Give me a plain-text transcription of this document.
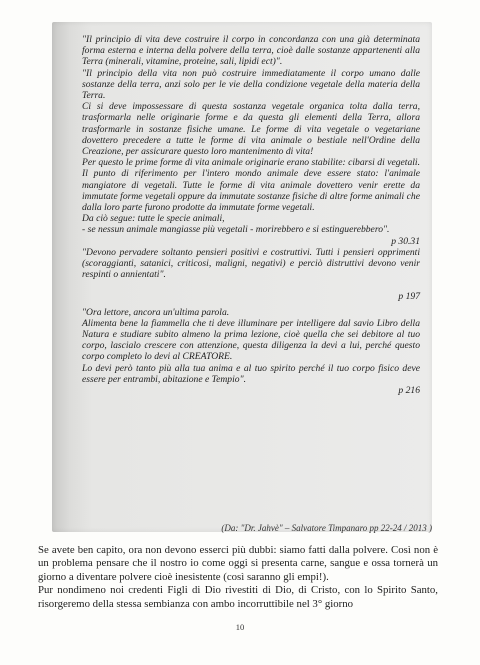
"Il principio di vita deve costruire il corpo in concordanza con una già determinata forma esterna e interna della polvere della terra, cioè dalle sostanze appartenenti alla Terra (minerali, vitamine, proteine, sali, lipidi ect)".

"Il principio della vita non può costruire immediatamente il corpo umano dalle sostanze della terra, anzi solo per le vie della condizione vegetale della materia della Terra.

Ci si deve impossessare di questa sostanza vegetale organica tolta dalla terra, trasformarla nelle originarie forme e da questa gli elementi della Terra, allora trasformarle in sostanze fisiche umane. Le forme di vita vegetale o vegetariane dovettero precedere a tutte le forme di vita animale o bestiale nell'Ordine della Creazione, per assicurare questo loro mantenimento di vita!

Per questo le prime forme di vita animale originarie erano stabilite: cibarsi di vegetali. Il punto di riferimento per l'intero mondo animale deve essere stato: l'animale mangiatore di vegetali. Tutte le forme di vita animale dovettero venir erette da immutate forme vegetali oppure da immutate sostanze fisiche di altre forme animali che dalla loro parte furono prodotte da immutate forme vegetali.

Da ciò segue: tutte le specie animali,

- se nessun animale mangiasse più vegetali - morirebbero e si estinguerebbero".

p 30.31

"Devono pervadere soltanto pensieri positivi e costruttivi. Tutti i pensieri opprimenti (scoraggianti, satanici, criticosi, maligni, negativi) e perciò distruttivi devono venir respinti o annientati".

p 197

"Ora lettore, ancora un'ultima parola.

Alimenta bene la fiammella che ti deve illuminare per intelligere dal savio Libro della Natura e studiare subito almeno la prima lezione, cioè quella che sei debitore al tuo corpo, lascialo crescere con attenzione, questa diligenza la devi a lui, perché questo corpo completo lo devi al CREATORE.

Lo devi però tanto più alla tua anima e al tuo spirito perché il tuo corpo fisico deve essere per entrambi, abitazione e Tempio".

p 216
(Da: "Dr. Jahvè" – Salvatore Timpanaro pp 22-24 / 2013 )

Se avete ben capito, ora non devono esserci più dubbi: siamo fatti dalla polvere. Così non è un problema pensare che il nostro io come oggi si presenta carne, sangue e ossa tornerà un giorno a diventare polvere cioè inesistente (così saranno gli empi!).

Pur nondimeno noi credenti Figli di Dio rivestiti di Dio, di Cristo, con lo Spirito Santo, risorgeremo della stessa sembianza con ambo incorruttibile nel 3° giorno

10
